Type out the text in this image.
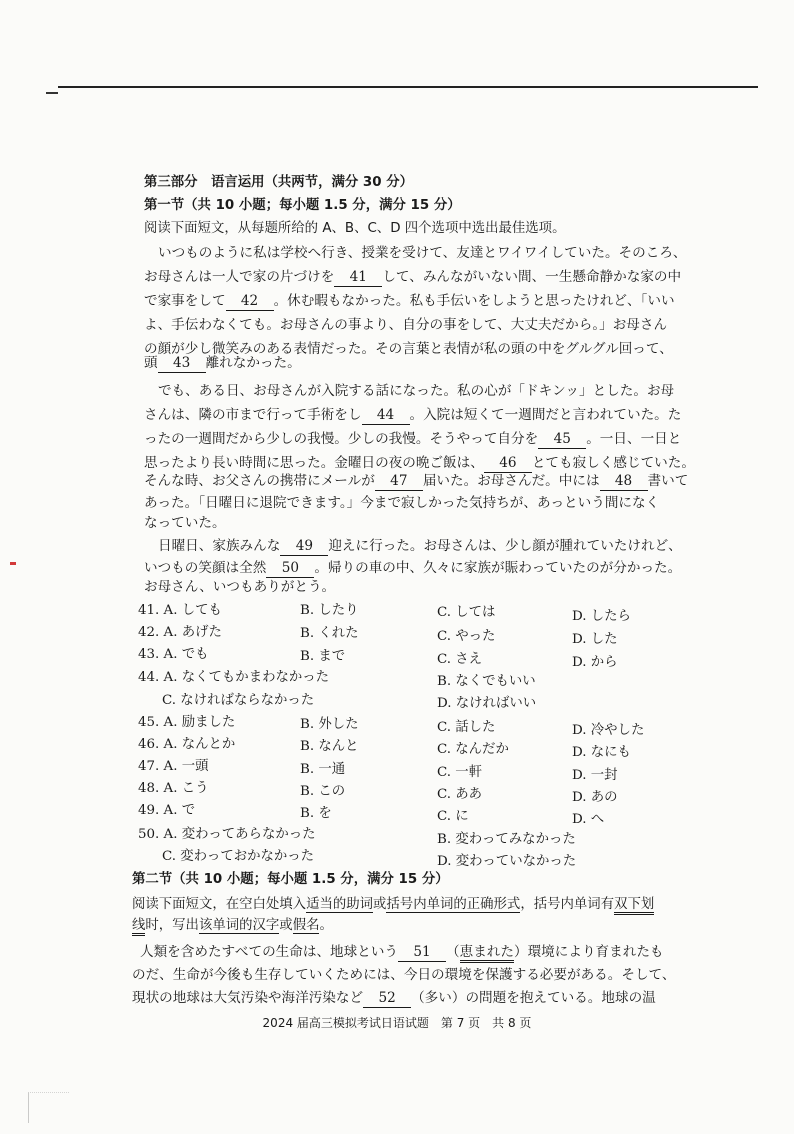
第三部分　语言运用（共两节，满分 30 分）
第一节（共 10 小题；每小题 1.5 分，满分 15 分）
阅读下面短文，从每题所给的 A、B、C、D 四个选项中选出最佳选项。
いつものように私は学校へ行き、授業を受けて、友達とワイワイしていた。そのころ、
お母さんは一人で家の片づけを 41 して、みんながいない間、一生懸命静かな家の中
で家事をして 42 。休む暇もなかった。私も手伝いをしようと思ったけれど、「いい
よ、手伝わなくても。お母さんの事より、自分の事をして、大丈夫だから。」お母さん
の顔が少し微笑みのある表情だった。その言葉と表情が私の頭の中をグルグル回って、
頭 43 離れなかった。
でも、ある日、お母さんが入院する話になった。私の心が「ドキンッ」とした。お母
さんは、隣の市まで行って手術をし 44 。入院は短くて一週間だと言われていた。た
ったの一週間だから少しの我慢。少しの我慢。そうやって自分を 45 。一日、一日と
思ったより長い時間に思った。金曜日の夜の晩ご飯は、 46 とても寂しく感じていた。
そんな時、お父さんの携帯にメールが 47 届いた。お母さんだ。中には 48 書いて
あった。「日曜日に退院できます。」今まで寂しかった気持ちが、あっという間になく
なっていた。
日曜日、家族みんな 49 迎えに行った。お母さんは、少し顔が腫れていたけれど、
いつもの笑顔は全然 50 。帰りの車の中、久々に家族が賑わっていたのが分かった。
お母さん、いつもありがとう。
41. A. しても	B. したり	C. しては	D. したら
42. A. あげた	B. くれた	C. やった	D. した
43. A. でも	B. まで	C. さえ	D. から
44. A. なくてもかまわなかった	B. なくでもいい
C. なければならなかった	D. なければいい
45. A. 励ました	B. 外した	C. 話した	D. 冷やした
46. A. なんとか	B. なんと	C. なんだか	D. なにも
47. A. 一頭	B. 一通	C. 一軒	D. 一封
48. A. こう	B. この	C. ああ	D. あの
49. A. で	B. を	C. に	D. へ
50. A. 変わってあらなかった	B. 変わってみなかった
C. 変わっておかなかった	D. 変わっていなかった
第二节（共 10 小题；每小题 1.5 分，满分 15 分）
阅读下面短文，在空白处填入适当的助词或括号内单词的正确形式，括号内单词有双下划
线时，写出该单词的汉字或假名。
人類を含めたすべての生命は、地球という 51 （恵まれた）環境により育まれたも
のだ、生命が今後も生存していくためには、今日の環境を保護する必要がある。そして、
現状の地球は大気汚染や海洋汚染など 52 （多い）の問題を抱えている。地球の温
2024 届高三模拟考试日语试题　第 7 页　共 8 页
